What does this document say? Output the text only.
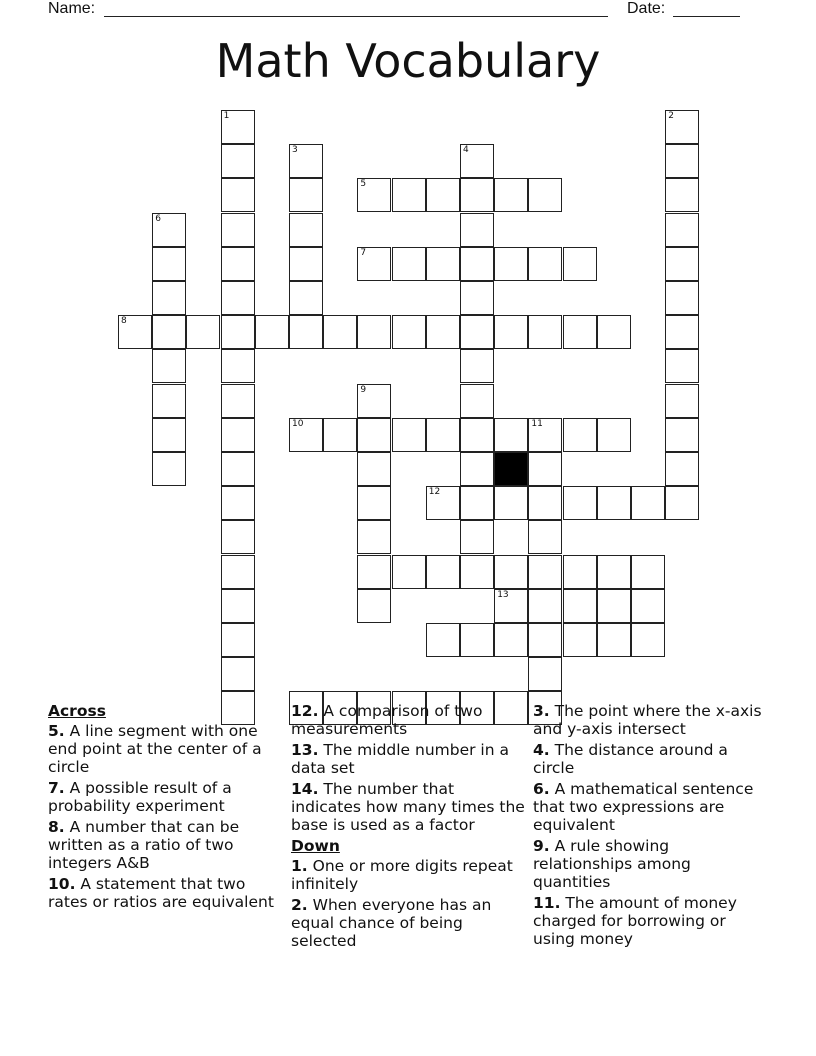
Name:	Date:
Math Vocabulary
1	2
3	4
5
6
7
8
9
10	11
12
13
Across
5. A line segment with one end point at the center of a circle
7. A possible result of a probability experiment
8. A number that can be written as a ratio of two integers A&B
10. A statement that two rates or ratios are equivalent
12. A comparison of two measurements
13. The middle number in a data set
14. The number that indicates how many times the base is used as a factor
Down
1. One or more digits repeat infinitely
2. When everyone has an equal chance of being selected
3. The point where the x-axis and y-axis intersect
4. The distance around a circle
6. A mathematical sentence that two expressions are equivalent
9. A rule showing relationships among quantities
11. The amount of money charged for borrowing or using money
